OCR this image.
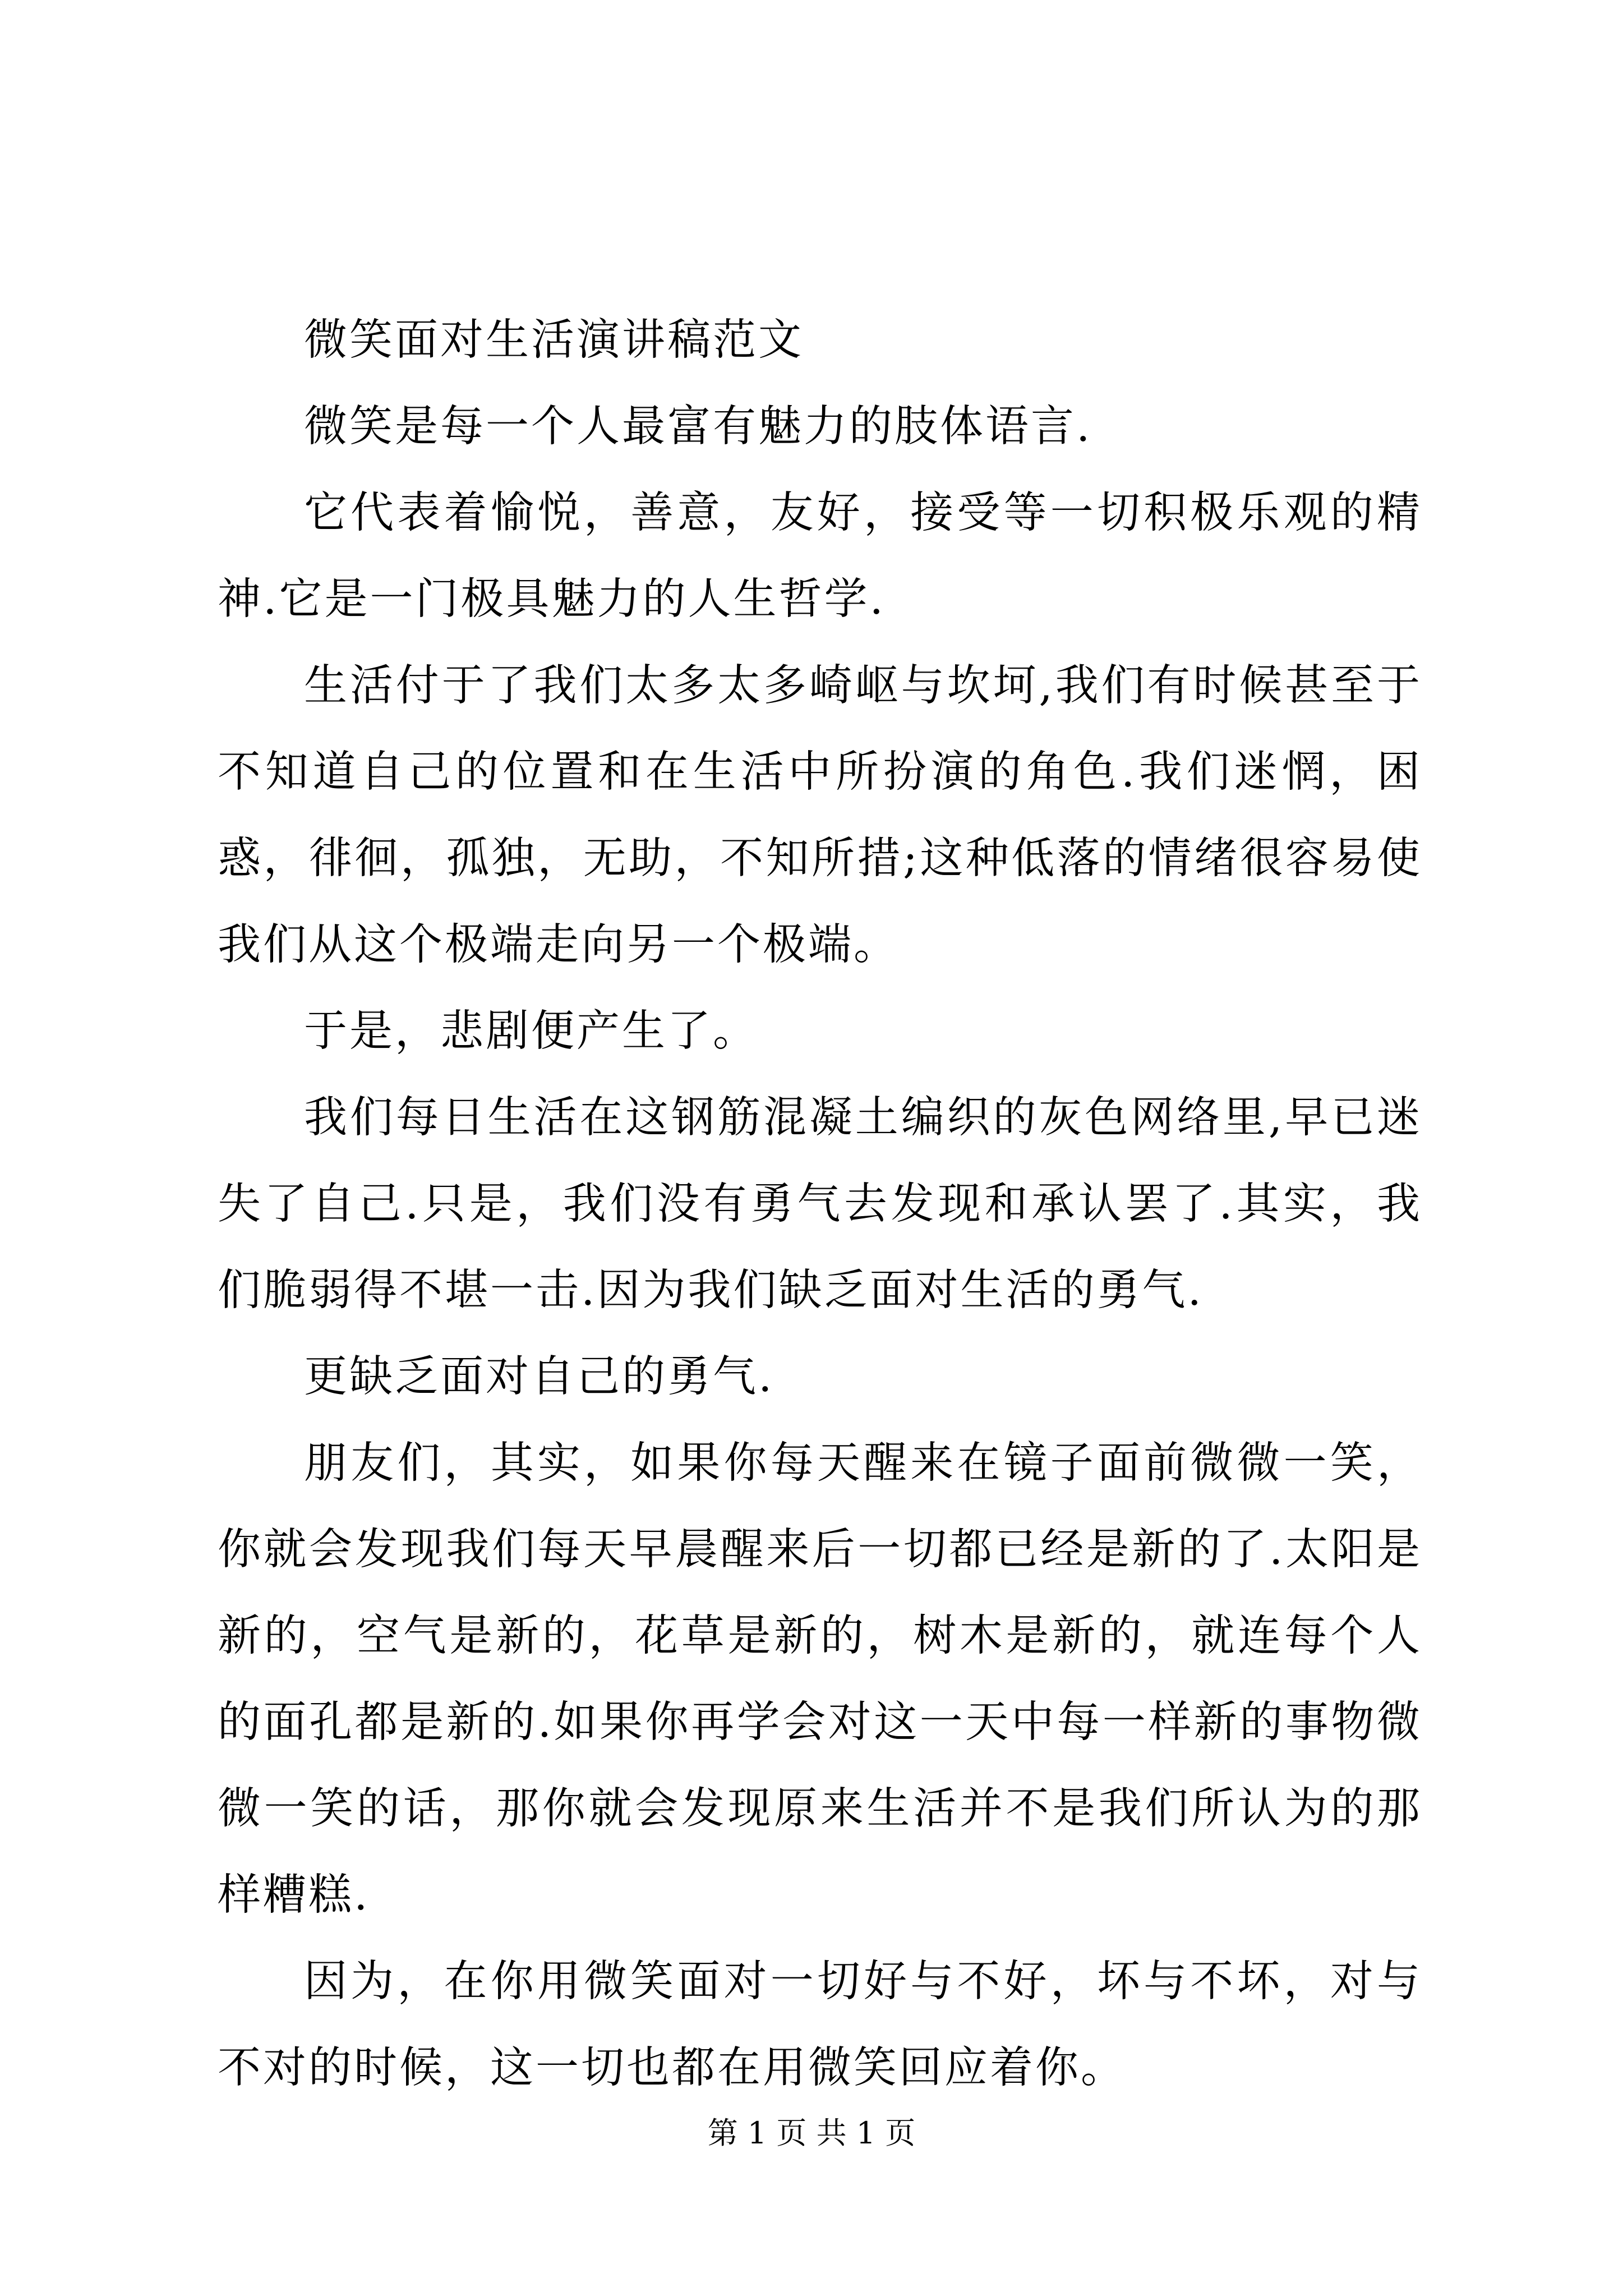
微笑面对生活演讲稿范文

微笑是每一个人最富有魅力的肢体语言.

它代表着愉悦，善意，友好，接受等一切积极乐观的精神.它是一门极具魅力的人生哲学.

生活付于了我们太多太多崎岖与坎坷,我们有时候甚至于不知道自己的位置和在生活中所扮演的角色.我们迷惘，困惑，徘徊，孤独，无助，不知所措;这种低落的情绪很容易使我们从这个极端走向另一个极端。

于是，悲剧便产生了。

我们每日生活在这钢筋混凝土编织的灰色网络里,早已迷失了自己.只是，我们没有勇气去发现和承认罢了.其实，我们脆弱得不堪一击.因为我们缺乏面对生活的勇气.

更缺乏面对自己的勇气.

朋友们，其实，如果你每天醒来在镜子面前微微一笑，你就会发现我们每天早晨醒来后一切都已经是新的了.太阳是新的，空气是新的，花草是新的，树木是新的，就连每个人的面孔都是新的.如果你再学会对这一天中每一样新的事物微微一笑的话，那你就会发现原来生活并不是我们所认为的那样糟糕.

因为，在你用微笑面对一切好与不好，坏与不坏，对与不对的时候，这一切也都在用微笑回应着你。

第 1 页 共 1 页
